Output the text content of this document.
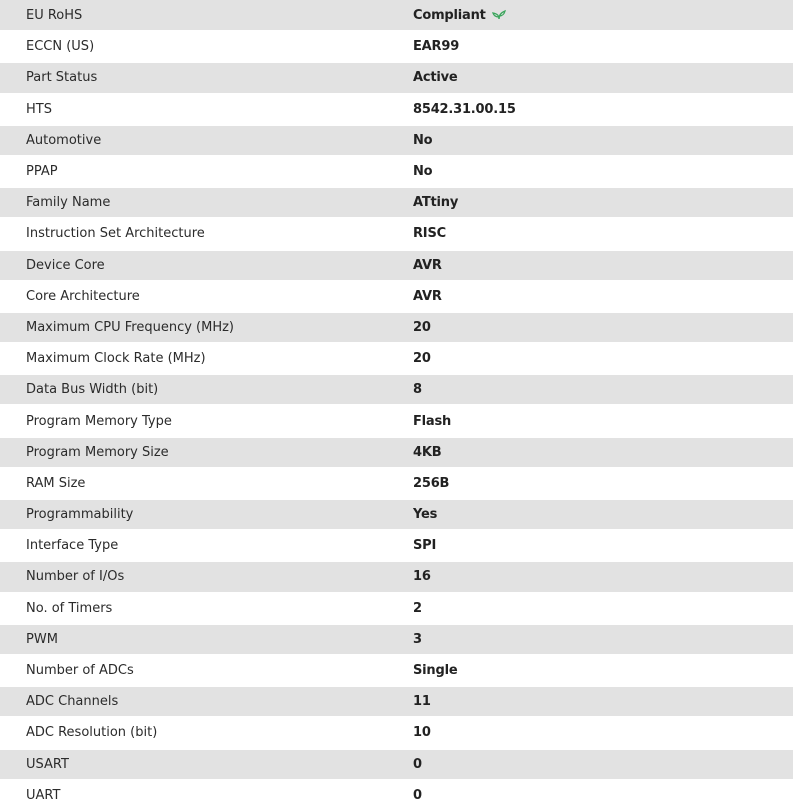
EU RoHS	Compliant
ECCN (US)	EAR99
Part Status	Active
HTS	8542.31.00.15
Automotive	No
PPAP	No
Family Name	ATtiny
Instruction Set Architecture	RISC
Device Core	AVR
Core Architecture	AVR
Maximum CPU Frequency (MHz)	20
Maximum Clock Rate (MHz)	20
Data Bus Width (bit)	8
Program Memory Type	Flash
Program Memory Size	4KB
RAM Size	256B
Programmability	Yes
Interface Type	SPI
Number of I/Os	16
No. of Timers	2
PWM	3
Number of ADCs	Single
ADC Channels	11
ADC Resolution (bit)	10
USART	0
UART	0
